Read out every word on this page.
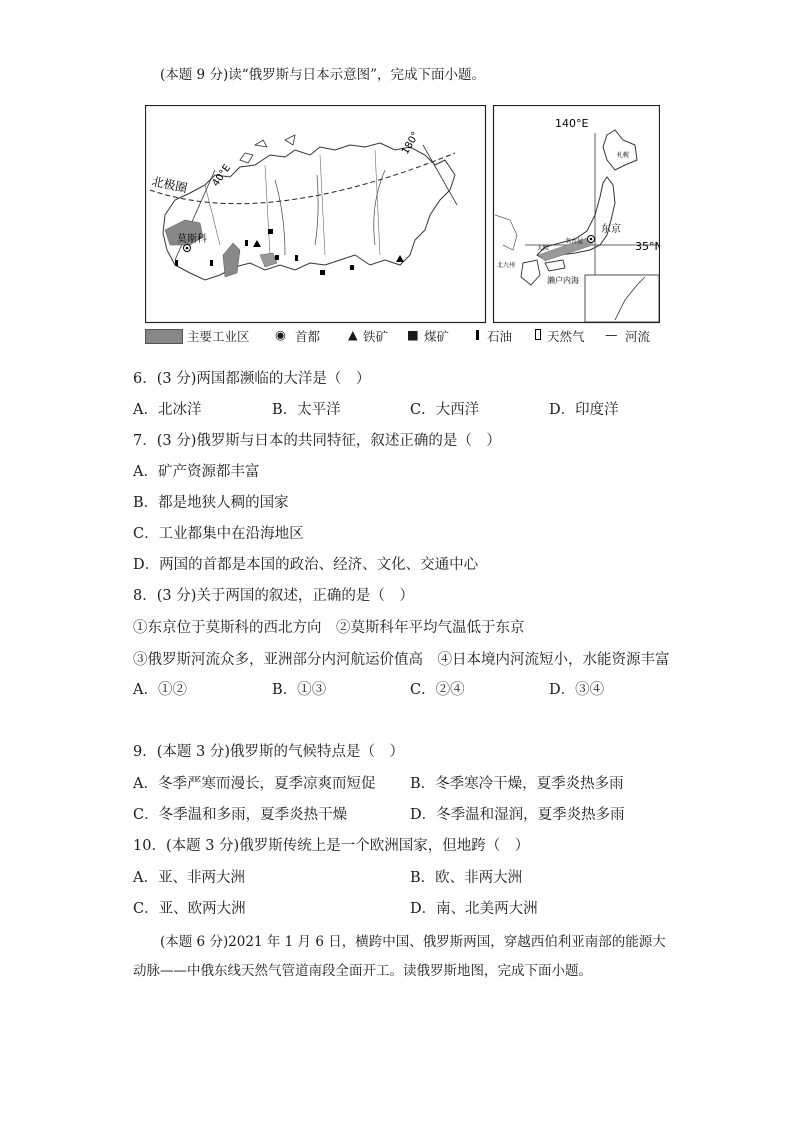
(本题 9 分)读“俄罗斯与日本示意图”，完成下面小题。
北极圈 40°E
180°
莫斯科
140°E
35°N
东京
濑户内海
札幌
名古屋
大阪
北九州
主要工业区 ◉ 首都 ▲ 铁矿 ■ 煤矿	石油	天然气 — 河流
6．(3 分)两国都濒临的大洋是（　）
A．北冰洋	B．太平洋	C．大西洋	D．印度洋
7．(3 分)俄罗斯与日本的共同特征，叙述正确的是（　）
A．矿产资源都丰富
B．都是地狭人稠的国家
C．工业都集中在沿海地区
D．两国的首都是本国的政治、经济、文化、交通中心
8．(3 分)关于两国的叙述，正确的是（　）
①东京位于莫斯科的西北方向　②莫斯科年平均气温低于东京
③俄罗斯河流众多，亚洲部分内河航运价值高　④日本境内河流短小，水能资源丰富
A．①②	B．①③	C．②④	D．③④
9．(本题 3 分)俄罗斯的气候特点是（　）
A．冬季严寒而漫长，夏季凉爽而短促 B．冬季寒冷干燥，夏季炎热多雨
C．冬季温和多雨，夏季炎热干燥	D．冬季温和湿润，夏季炎热多雨
10．(本题 3 分)俄罗斯传统上是一个欧洲国家，但地跨（　）
A．亚、非两大洲	B．欧、非两大洲
C．亚、欧两大洲	D．南、北美两大洲
(本题 6 分)2021 年 1 月 6 日，横跨中国、俄罗斯两国，穿越西伯利亚南部的能源大
动脉——中俄东线天然气管道南段全面开工。读俄罗斯地图，完成下面小题。
